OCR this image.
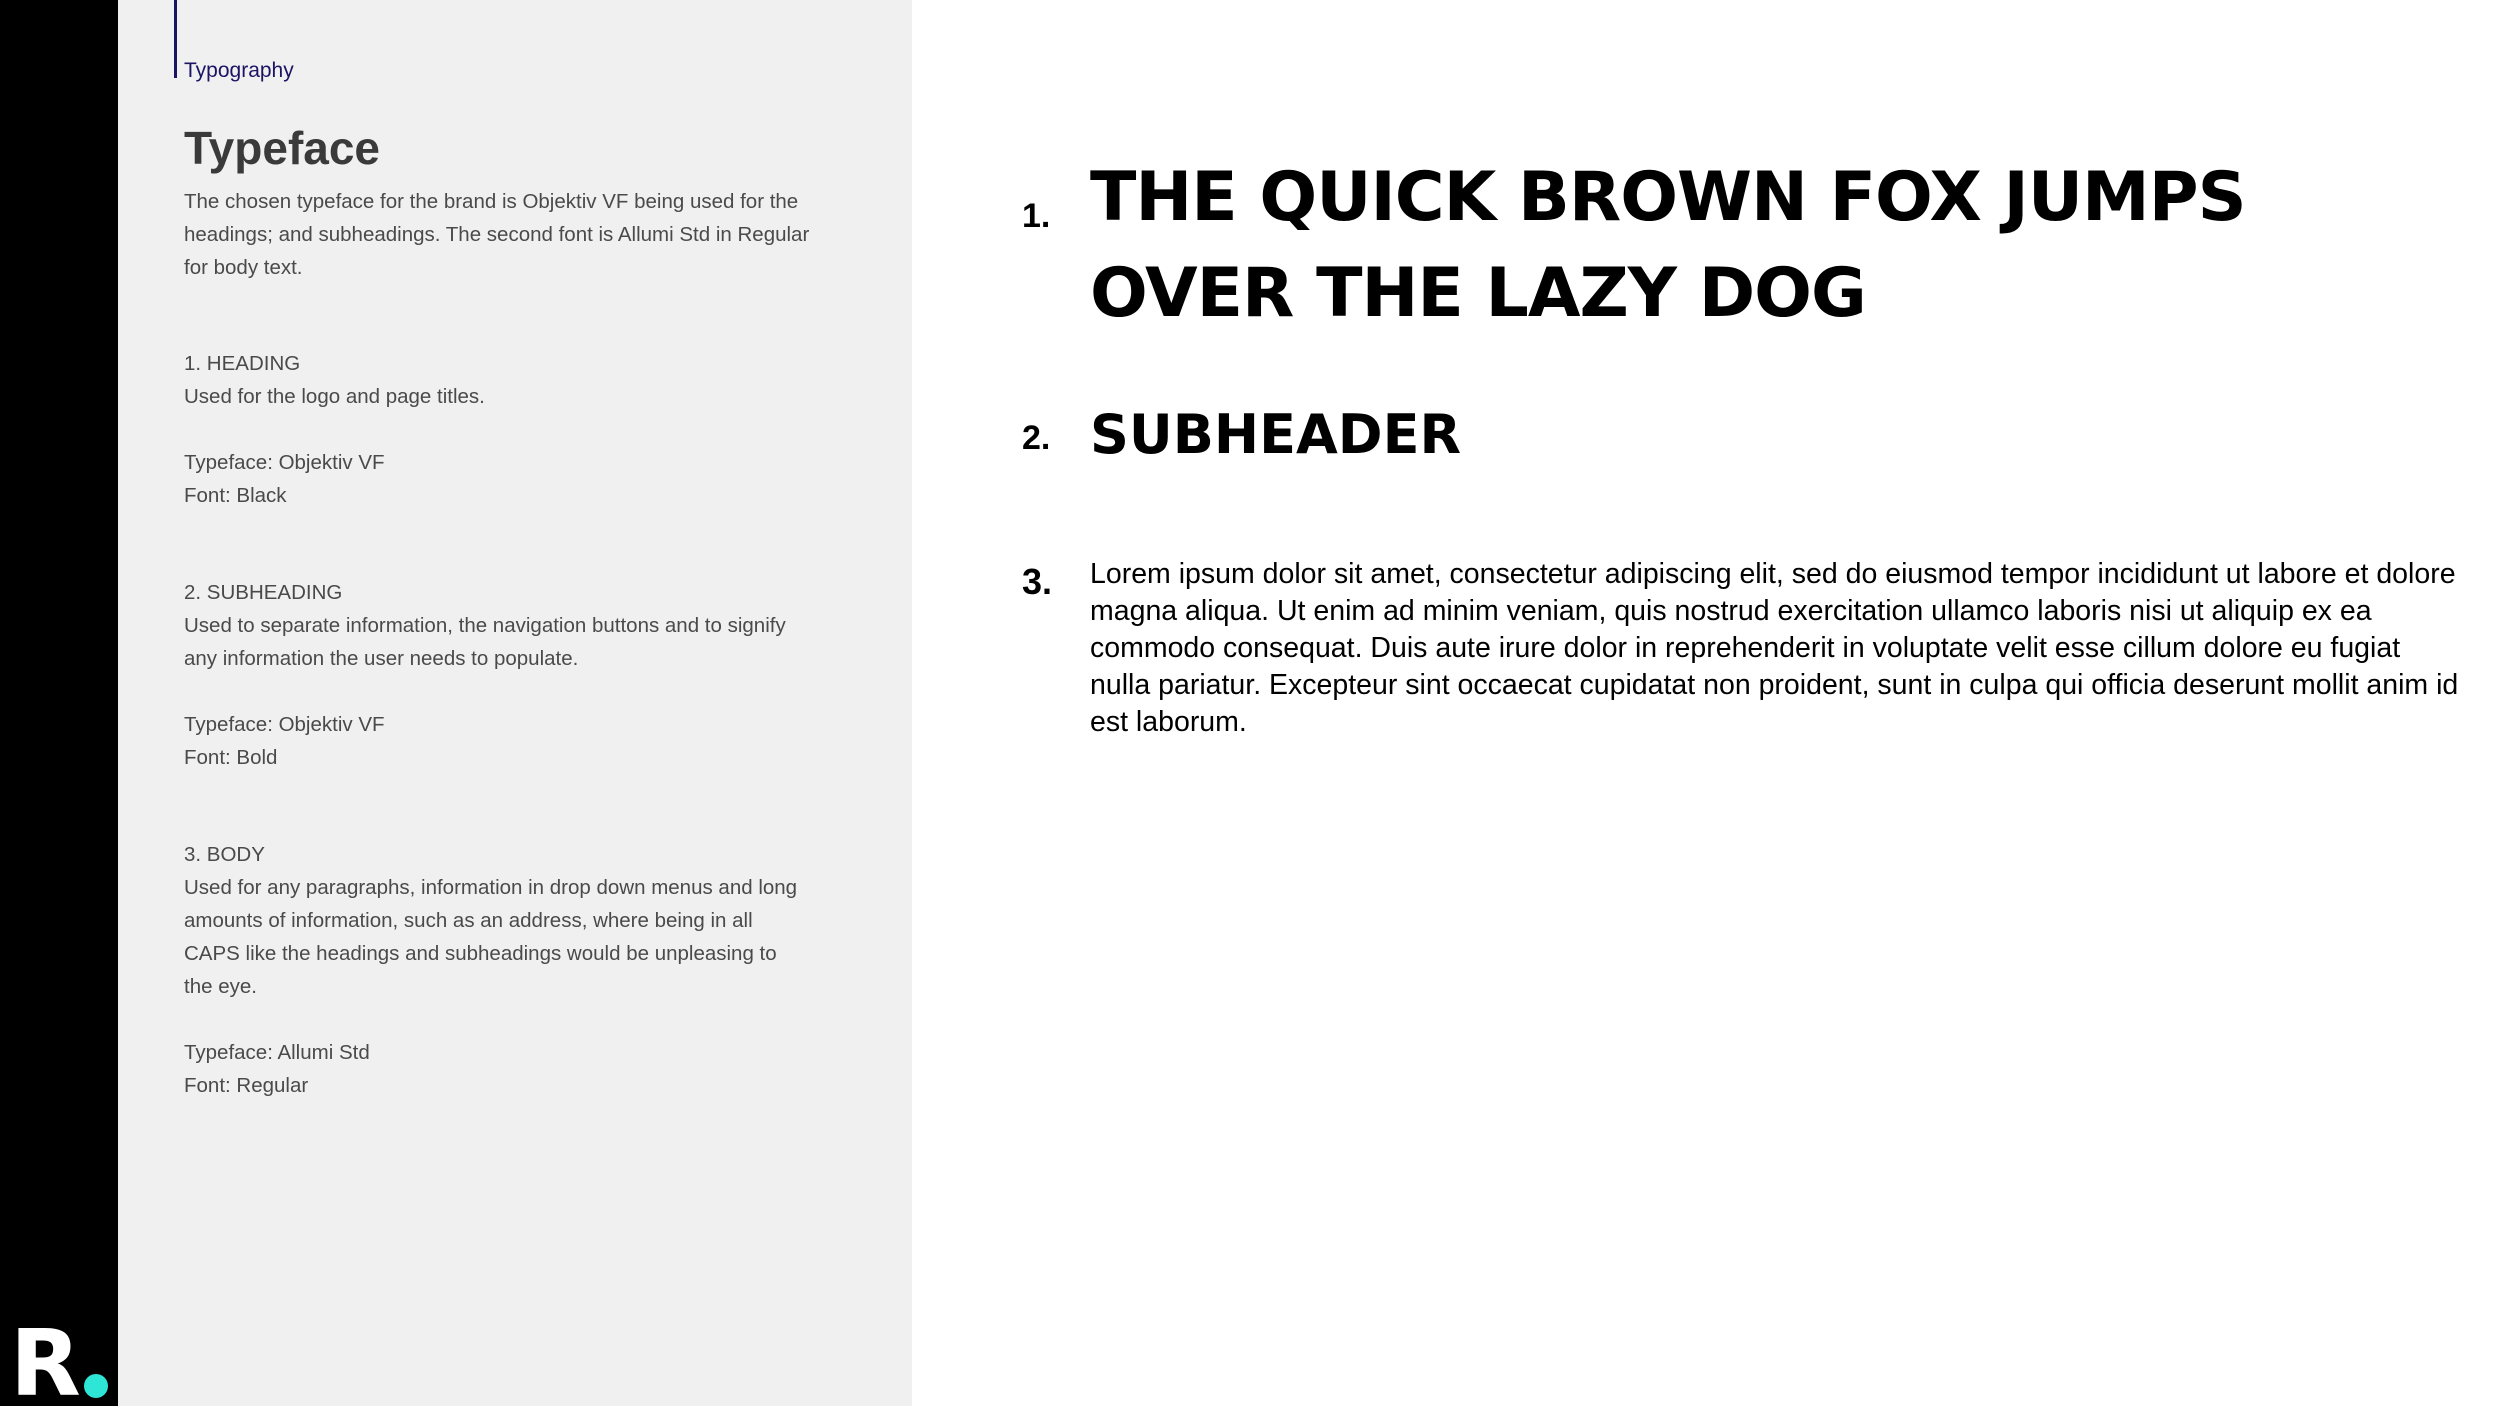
R
Typography
Typeface

The chosen typeface for the brand is Objektiv VF being used for the headings; and subheadings. The second font is Allumi Std in Regular for body text.

1. HEADING
Used for the logo and page titles.
Typeface: Objektiv VF
Font: Black
2. SUBHEADING
Used to separate information, the navigation buttons and to signify any information the user needs to populate.
Typeface: Objektiv VF
Font: Bold
3. BODY
Used for any paragraphs, information in drop down menus and long amounts of information, such as an address, where being in all CAPS like the headings and subheadings would be unpleasing to the eye.
Typeface: Allumi Std
Font: Regular
1. THE QUICK BROWN FOX JUMPS OVER THE LAZY DOG
2. SUBHEADER
3. Lorem ipsum dolor sit amet, consectetur adipiscing elit, sed do eiusmod tempor incididunt ut labore et dolore magna aliqua. Ut enim ad minim veniam, quis nostrud exercitation ullamco laboris nisi ut aliquip ex ea commodo consequat. Duis aute irure dolor in reprehenderit in voluptate velit esse cillum dolore eu fugiat nulla pariatur. Excepteur sint occaecat cupidatat non proident, sunt in culpa qui officia deserunt mollit anim id est laborum.
